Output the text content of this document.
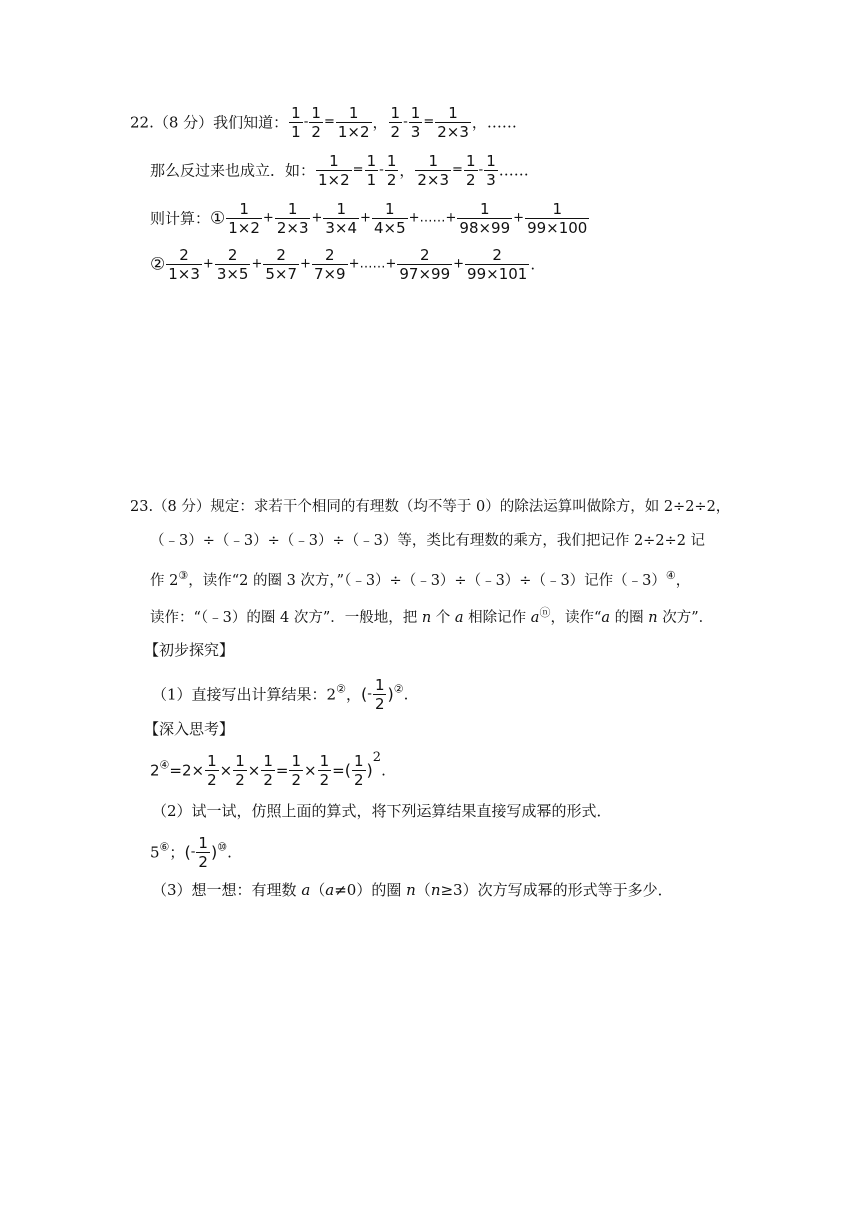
22.（8 分）我们知道： $\frac{1}{1} - \frac{1}{2} = \frac{1}{1\times 2}$ ， $\frac{1}{2} - \frac{1}{3} = \frac{1}{2\times 3}$ ，……
那么反过来也成立．如： $\frac{1}{1\times 2} = \frac{1}{1} - \frac{1}{2}$ ， $\frac{1}{2\times 3} = \frac{1}{2} - \frac{1}{3}$ ……
则计算：① $\frac{1}{1\times 2} + \frac{1}{2\times 3} + \frac{1}{3\times 4} + \frac{1}{4\times 5}$ +……+ $\frac{1}{98\times 99} + \frac{1}{99\times 100}$
② $\frac{2}{1\times 3} + \frac{2}{3\times 5} + \frac{2}{5\times 7} + \frac{2}{7\times 9}$ +……+ $\frac{2}{97\times 99} + \frac{2}{99\times 101}$ .
23.（8 分）规定：求若干个相同的有理数（均不等于 0）的除法运算叫做除方，如 2÷2÷2，
（﹣3）÷（﹣3）÷（﹣3）÷（﹣3）等，类比有理数的乘方，我们把记作 2÷2÷2 记
作 2③，读作“2 的圈 3 次方，”（﹣3）÷（﹣3）÷（﹣3）÷（﹣3）记作（﹣3）④，
读作：“（﹣3）的圈 4 次方”．一般地，把 n 个 a 相除记作 aⓝ，读作“a 的圈 n 次方”．
【初步探究】
（1）直接写出计算结果：2②，(- $\frac{1}{2} )^②$.
【深入思考】
$2^④=2\times \frac{1}{2} \times \frac{1}{2} \times \frac{1}{2} = \frac{1}{2} \times \frac{1}{2}$ =( $\frac{1}{2} )^2$.
（2）试一试，仿照上面的算式，将下列运算结果直接写成幂的形式．
5⑥；(- $\frac{1}{2} )^⑩$.
（3）想一想：有理数 a（a≠0）的圈 n（n≥3）次方写成幂的形式等于多少．
